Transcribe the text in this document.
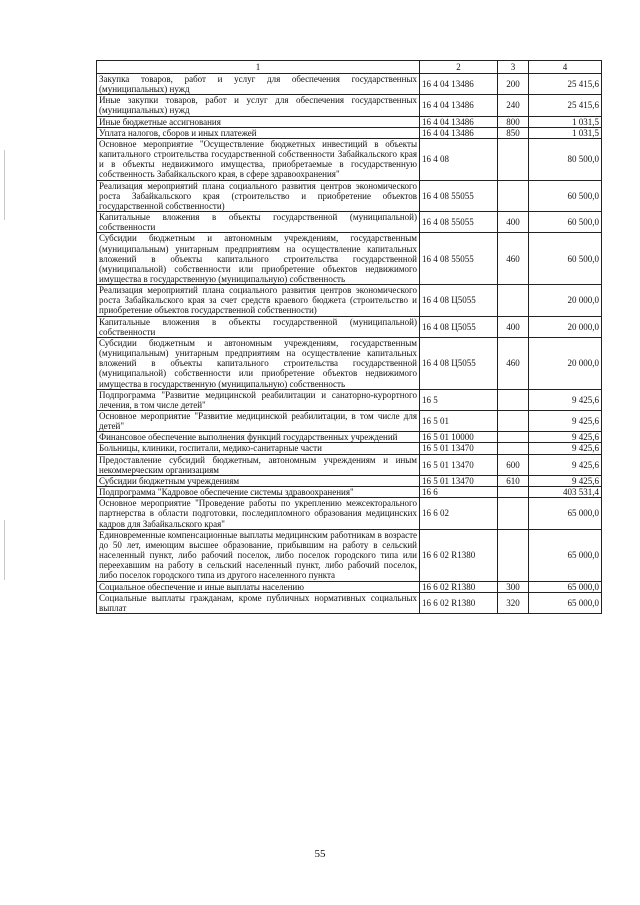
1	2	3	4
Закупка товаров, работ и услуг для обеспечения государственных (муниципальных) нужд	16 4 04 13486	200	25 415,6
Иные закупки товаров, работ и услуг для обеспечения государственных (муниципальных) нужд	16 4 04 13486	240	25 415,6
Иные бюджетные ассигнования	16 4 04 13486	800	1 031,5
Уплата налогов, сборов и иных платежей	16 4 04 13486	850	1 031,5
Основное мероприятие "Осуществление бюджетных инвестиций в объекты капитального строительства государственной собственности Забайкальского края и в объекты недвижимого имущества, приобретаемые в государственную собственность Забайкальского края, в сфере здравоохранения"	16 4 08		80 500,0
Реализация мероприятий плана социального развития центров экономического роста Забайкальского края (строительство и приобретение объектов государственной собственности)	16 4 08 55055		60 500,0
Капитальные вложения в объекты государственной (муниципальной) собственности	16 4 08 55055	400	60 500,0
Субсидии бюджетным и автономным учреждениям, государственным (муниципальным) унитарным предприятиям на осуществление капитальных вложений в объекты капитального строительства государственной (муниципальной) собственности или приобретение объектов недвижимого имущества в государственную (муниципальную) собственность	16 4 08 55055	460	60 500,0
Реализация мероприятий плана социального развития центров экономического роста Забайкальского края за счет средств краевого бюджета (строительство и приобретение объектов государственной собственности)	16 4 08 Ц5055		20 000,0
Капитальные вложения в объекты государственной (муниципальной) собственности	16 4 08 Ц5055	400	20 000,0
Субсидии бюджетным и автономным учреждениям, государственным (муниципальным) унитарным предприятиям на осуществление капитальных вложений в объекты капитального строительства государственной (муниципальной) собственности или приобретение объектов недвижимого имущества в государственную (муниципальную) собственность	16 4 08 Ц5055	460	20 000,0
Подпрограмма "Развитие медицинской реабилитации и санаторно-курортного лечения, в том числе детей"	16 5		9 425,6
Основное мероприятие "Развитие медицинской реабилитации, в том числе для детей"	16 5 01		9 425,6
Финансовое обеспечение выполнения функций государственных учреждений	16 5 01 10000		9 425,6
Больницы, клиники, госпитали, медико-санитарные части	16 5 01 13470		9 425,6
Предоставление субсидий бюджетным, автономным учреждениям и иным некоммерческим организациям	16 5 01 13470	600	9 425,6
Субсидии бюджетным учреждениям	16 5 01 13470	610	9 425,6
Подпрограмма "Кадровое обеспечение системы здравоохранения"	16 6		403 531,4
Основное мероприятие "Проведение работы по укреплению межсекторального партнерства в области подготовки, последипломного образования медицинских кадров для Забайкальского края"	16 6 02		65 000,0
Единовременные компенсационные выплаты медицинским работникам в возрасте до 50 лет, имеющим высшее образование, прибывшим на работу в сельский населенный пункт, либо рабочий поселок, либо поселок городского типа или переехавшим на работу в сельский населенный пункт, либо рабочий поселок, либо поселок городского типа из другого населенного пункта	16 6 02 R1380		65 000,0
Социальное обеспечение и иные выплаты населению	16 6 02 R1380	300	65 000,0
Социальные выплаты гражданам, кроме публичных нормативных социальных выплат	16 6 02 R1380	320	65 000,0
55
